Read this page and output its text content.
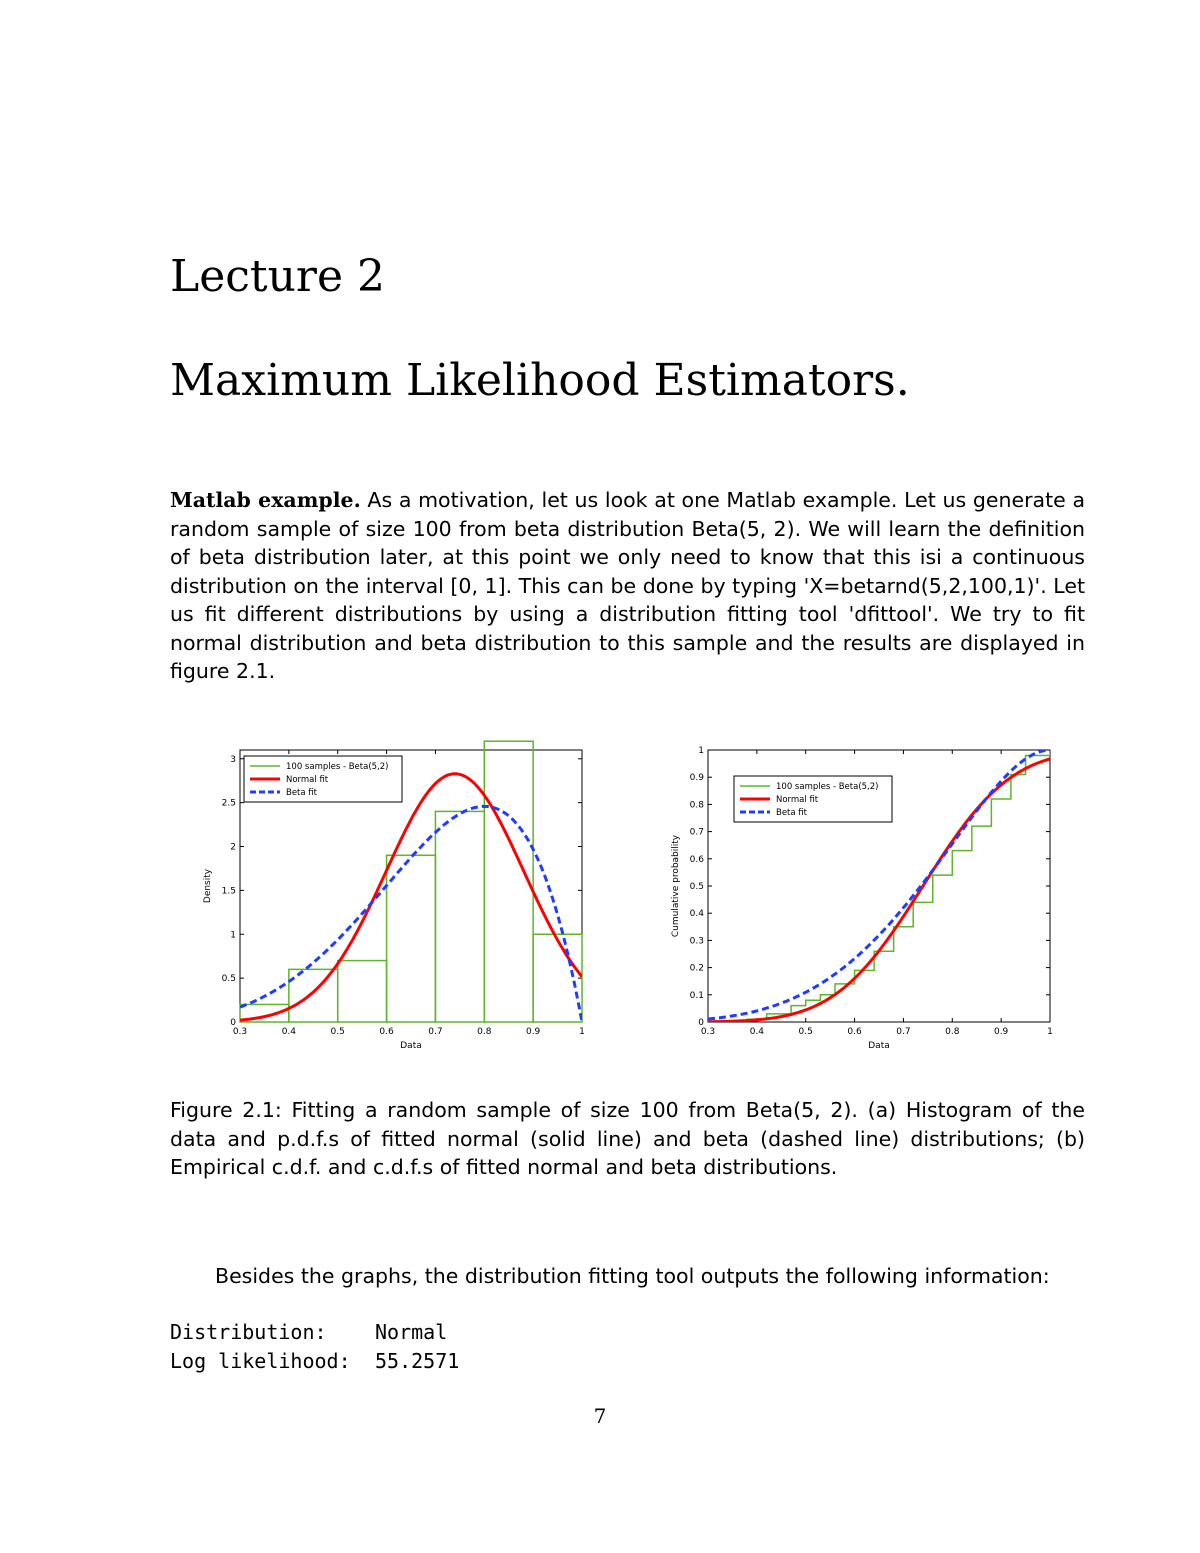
Lecture 2
Maximum Likelihood Estimators.

Matlab example. As a motivation, let us look at one Matlab example. Let us generate a random sample of size 100 from beta distribution Beta(5, 2). We will learn the definition of beta distribution later, at this point we only need to know that this isi a continuous distribution on the interval [0, 1]. This can be done by typing 'X=betarnd(5,2,100,1)'. Let us fit different distributions by using a distribution fitting tool 'dfittool'. We try to fit normal distribution and beta distribution to this sample and the results are displayed in figure 2.1.

0.3	0.4	0.5	0.6	0.7	0.8	0.9	1
0
0.5
1
1.5
2
2.5
3
Data
Density
100 samples - Beta(5,2)
Normal fit
Beta fit
0.3	0.4	0.5	0.6	0.7	0.8	0.9	1
0
0.1
0.2
0.3
0.4
0.5
0.6
0.7
0.8
0.9
1
Data
Cumulative probability
100 samples - Beta(5,2)
Normal fit
Beta fit

Figure 2.1: Fitting a random sample of size 100 from Beta(5, 2). (a) Histogram of the data and p.d.f.s of fitted normal (solid line) and beta (dashed line) distributions; (b) Empirical c.d.f. and c.d.f.s of fitted normal and beta distributions.

Besides the graphs, the distribution fitting tool outputs the following information:

Distribution:	Normal
Log likelihood:	55.2571

7
